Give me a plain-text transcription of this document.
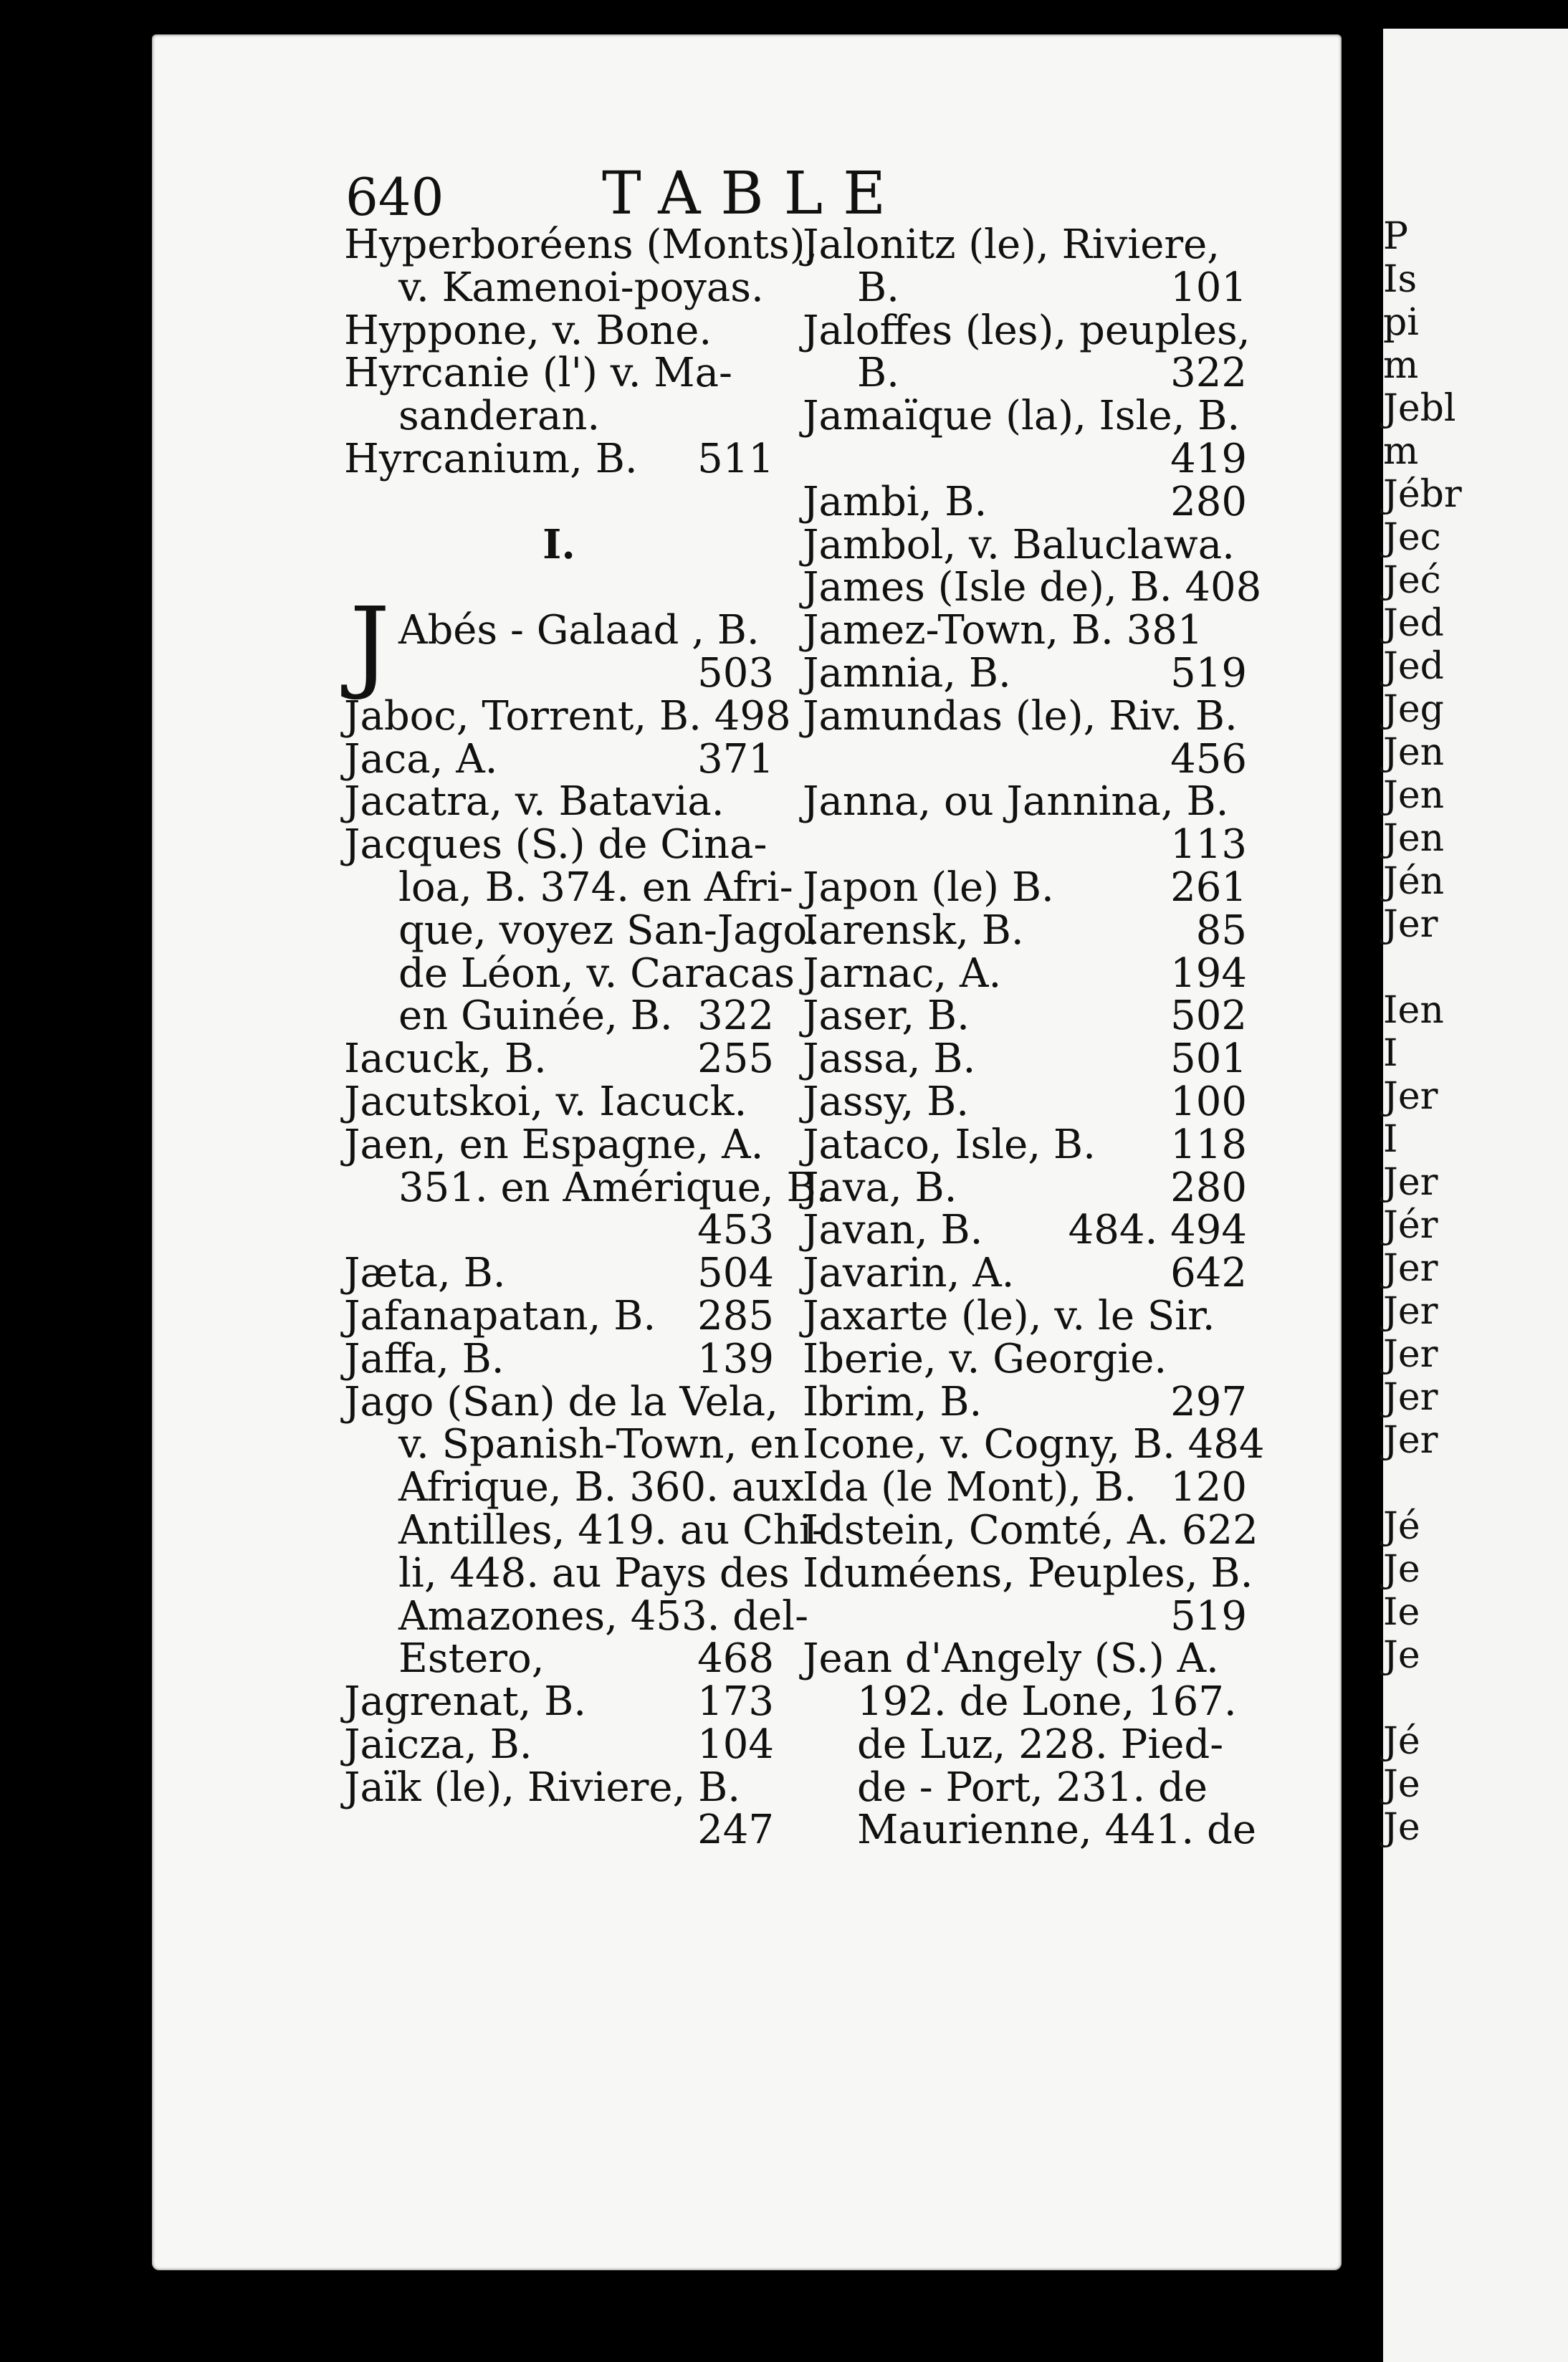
640	TABLE
Hyperboréens (Monts),
v. Kamenoi-poyas.
Hyppone, v. Bone.
Hyrcanie (l') v. Ma-
sanderan.
Hyrcanium, B. 511
I.
Abés - Galaad , B.
503
Jaboc, Torrent, B. 498
Jaca, A.	371
Jacatra, v. Batavia.
Jacques (S.) de Cina-
loa, B. 374. en Afri-
que, voyez San-Jago.
de Léon, v. Caracas
en Guinée, B. 322
Iacuck, B.	255
Jacutskoi, v. Iacuck.
Jaen, en Espagne, A.
351. en Amérique, B.
453
Jæta, B.	504
Jafanapatan, B. 285
Jaffa, B.	139
Jago (San) de la Vela,
v. Spanish-Town, en
Afrique, B. 360. aux
Antilles, 419. au Chi-
li, 448. au Pays des
Amazones, 453. del-
Estero,	468
Jagrenat, B.	173
Jaicza, B.	104
Jaïk (le), Riviere, B.
247
Jalonitz (le), Riviere,
B.	101
Jaloffes (les), peuples,
B.	322
Jamaïque (la), Isle, B.
419
Jambi, B.	280
Jambol, v. Baluclawa.
James (Isle de), B. 408
Jamez-Town, B. 381
Jamnia, B.	519
Jamundas (le), Riv. B.
456
Janna, ou Jannina, B.
113
Japon (le) B.	261
Iarensk, B.	85
Jarnac, A.	194
Jaser, B.	502
Jassa, B.	501
Jassy, B.	100
Jataco, Isle, B. 118
Java, B.	280
Javan, B. 484. 494
Javarin, A.	642
Jaxarte (le), v. le Sir.
Iberie, v. Georgie.
Ibrim, B.	297
Icone, v. Cogny, B. 484
Ida (le Mont), B. 120
Idstein, Comté, A. 622
Iduméens, Peuples, B.
519
Jean d'Angely (S.) A.
192. de Lone, 167.
de Luz, 228. Pied-
de - Port, 231. de
Maurienne, 441. de
J
P
Is
pi
m
Jebl
m
Jébr
Jec
Jeć
Jed
Jed
Jeg
Jen
Jen
Jen
Jén
Jer
Ien
I
Jer
I
Jer
Jér
Jer
Jer
Jer
Jer
Jer
Jé
Je
Ie
Je
Jé
Je
Je
